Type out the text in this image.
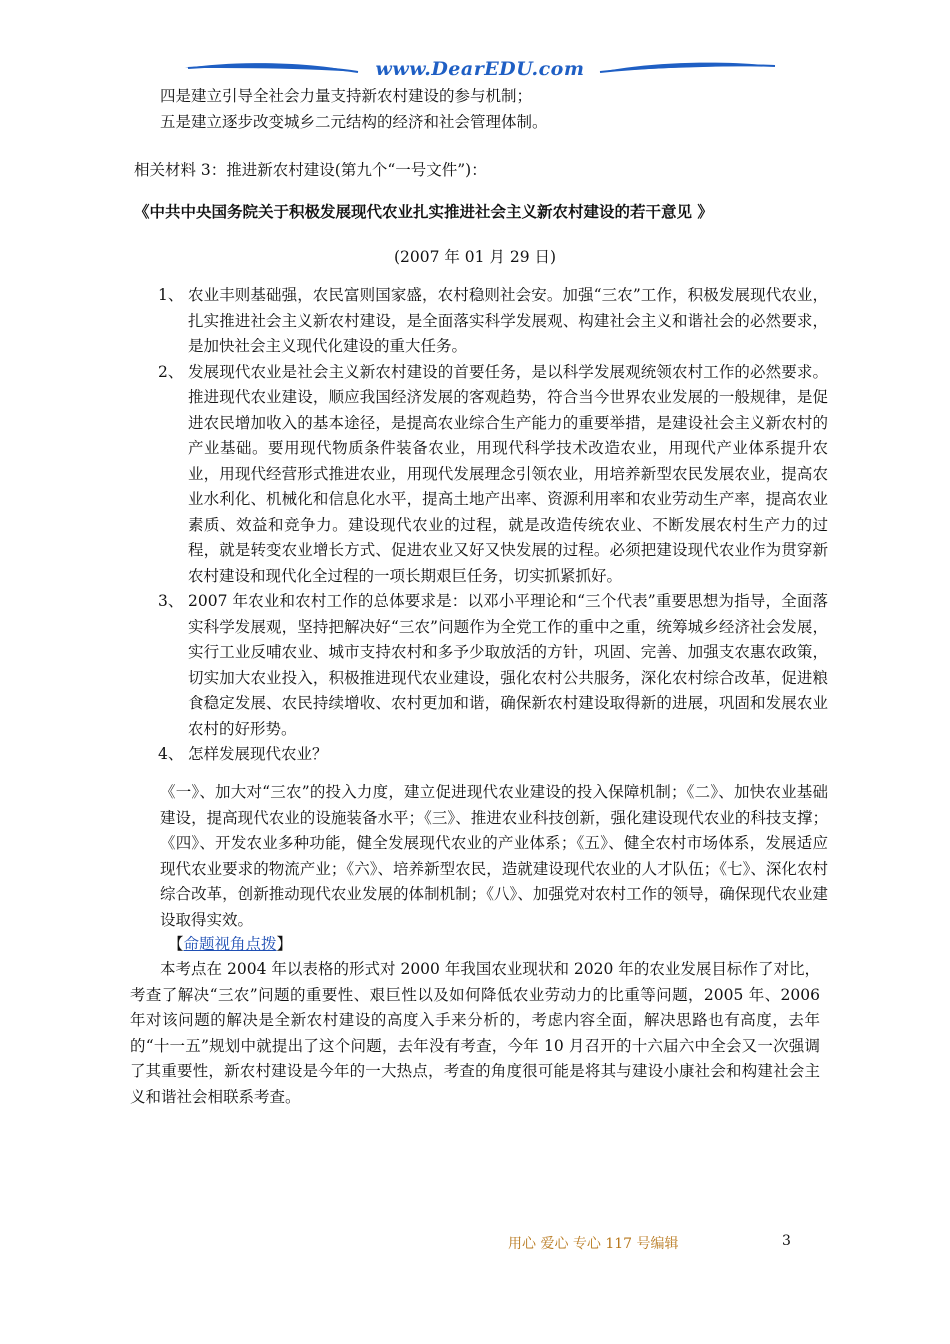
www.DearEDU.com
四是建立引导全社会力量支持新农村建设的参与机制；
五是建立逐步改变城乡二元结构的经济和社会管理体制。
相关材料 3：推进新农村建设(第九个“一号文件”)：
《中共中央国务院关于积极发展现代农业扎实推进社会主义新农村建设的若干意见 》
(2007 年 01 月 29 日)

1、 农业丰则基础强，农民富则国家盛，农村稳则社会安。加强“三农”工作，积极发展现代农业，扎实推进社会主义新农村建设，是全面落实科学发展观、构建社会主义和谐社会的必然要求，是加快社会主义现代化建设的重大任务。

2、 发展现代农业是社会主义新农村建设的首要任务，是以科学发展观统领农村工作的必然要求。推进现代农业建设，顺应我国经济发展的客观趋势，符合当今世界农业发展的一般规律，是促进农民增加收入的基本途径，是提高农业综合生产能力的重要举措，是建设社会主义新农村的产业基础。要用现代物质条件装备农业，用现代科学技术改造农业，用现代产业体系提升农业，用现代经营形式推进农业，用现代发展理念引领农业，用培养新型农民发展农业，提高农业水利化、机械化和信息化水平，提高土地产出率、资源利用率和农业劳动生产率，提高农业素质、效益和竞争力。建设现代农业的过程，就是改造传统农业、不断发展农村生产力的过程，就是转变农业增长方式、促进农业又好又快发展的过程。必须把建设现代农业作为贯穿新农村建设和现代化全过程的一项长期艰巨任务，切实抓紧抓好。

3、 2007 年农业和农村工作的总体要求是：以邓小平理论和“三个代表”重要思想为指导，全面落实科学发展观，坚持把解决好“三农”问题作为全党工作的重中之重，统筹城乡经济社会发展，实行工业反哺农业、城市支持农村和多予少取放活的方针，巩固、完善、加强支农惠农政策，切实加大农业投入，积极推进现代农业建设，强化农村公共服务，深化农村综合改革，促进粮食稳定发展、农民持续增收、农村更加和谐，确保新农村建设取得新的进展，巩固和发展农业农村的好形势。

4、 怎样发展现代农业？

《一》、加大对“三农”的投入力度，建立促进现代农业建设的投入保障机制；《二》、加快农业基础建设，提高现代农业的设施装备水平；《三》、推进农业科技创新，强化建设现代农业的科技支撑；《四》、开发农业多种功能，健全发展现代农业的产业体系；《五》、健全农村市场体系，发展适应现代农业要求的物流产业；《六》、培养新型农民，造就建设现代农业的人才队伍；《七》、深化农村综合改革，创新推动现代农业发展的体制机制；《八》、加强党对农村工作的领导，确保现代农业建设取得实效。
【命题视角点拨】
本考点在 2004 年以表格的形式对 2000 年我国农业现状和 2020 年的农业发展目标作了对比，考查了解决“三农”问题的重要性、艰巨性以及如何降低农业劳动力的比重等问题，2005 年、2006 年对该问题的解决是全新农村建设的高度入手来分析的，考虑内容全面，解决思路也有高度，去年的“十一五”规划中就提出了这个问题，去年没有考查，今年 10 月召开的十六届六中全会又一次强调了其重要性，新农村建设是今年的一大热点，考查的角度很可能是将其与建设小康社会和构建社会主义和谐社会相联系考查。
用心 爱心 专心 117 号编辑	3
